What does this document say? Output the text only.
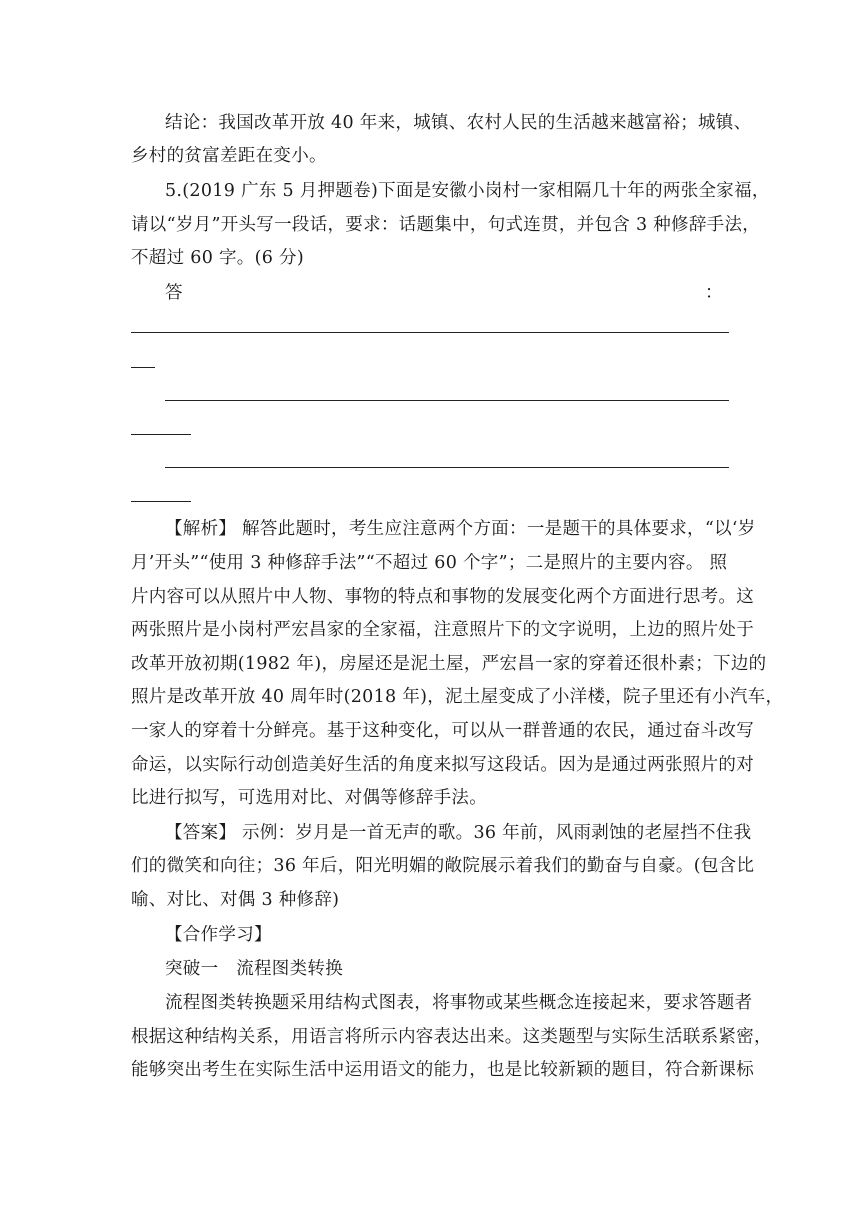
结论：我国改革开放 40 年来，城镇、农村人民的生活越来越富裕；城镇、
乡村的贫富差距在变小。
5.(2019 广东 5 月押题卷)下面是安徽小岗村一家相隔几十年的两张全家福，
请以“岁月”开头写一段话，要求：话题集中，句式连贯，并包含 3 种修辞手法，
不超过 60 字。(6 分)
答	：
【解析】 解答此题时，考生应注意两个方面：一是题干的具体要求，“以‘岁
月’开头”“使用 3 种修辞手法”“不超过 60 个字”；二是照片的主要内容。 照
片内容可以从照片中人物、事物的特点和事物的发展变化两个方面进行思考。这
两张照片是小岗村严宏昌家的全家福，注意照片下的文字说明，上边的照片处于
改革开放初期(1982 年)，房屋还是泥土屋，严宏昌一家的穿着还很朴素；下边的
照片是改革开放 40 周年时(2018 年)，泥土屋变成了小洋楼，院子里还有小汽车，
一家人的穿着十分鲜亮。基于这种变化，可以从一群普通的农民，通过奋斗改写
命运，以实际行动创造美好生活的角度来拟写这段话。因为是通过两张照片的对
比进行拟写，可选用对比、对偶等修辞手法。
【答案】 示例：岁月是一首无声的歌。36 年前，风雨剥蚀的老屋挡不住我
们的微笑和向往；36 年后，阳光明媚的敞院展示着我们的勤奋与自豪。(包含比
喻、对比、对偶 3 种修辞)
【合作学习】
突破一　流程图类转换
流程图类转换题采用结构式图表，将事物或某些概念连接起来，要求答题者
根据这种结构关系，用语言将所示内容表达出来。这类题型与实际生活联系紧密，
能够突出考生在实际生活中运用语文的能力，也是比较新颖的题目，符合新课标
